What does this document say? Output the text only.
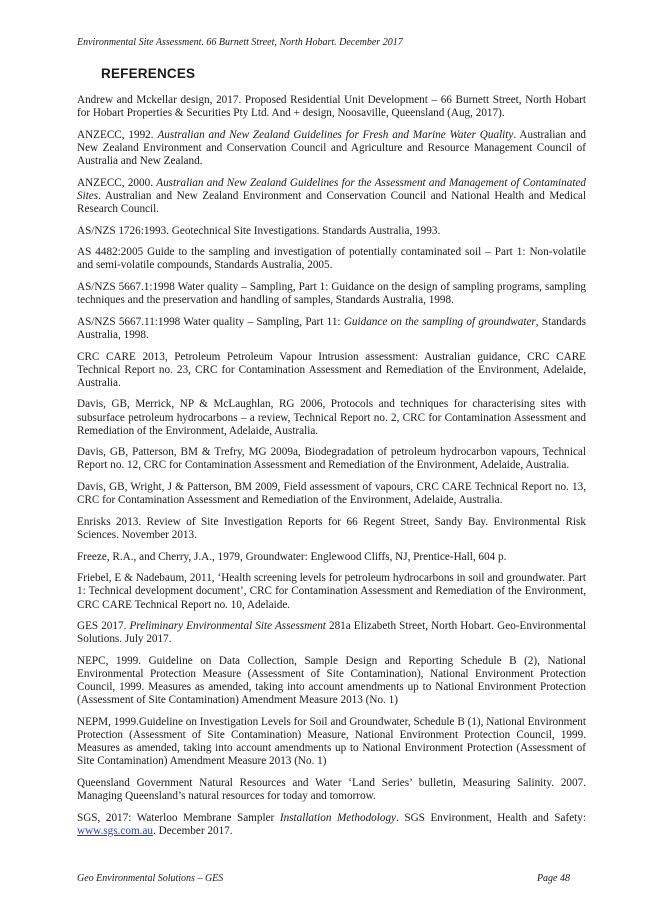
Environmental Site Assessment. 66 Burnett Street, North Hobart. December 2017
REFERENCES

Andrew and Mckellar design, 2017. Proposed Residential Unit Development – 66 Burnett Street, North Hobart for Hobart Properties & Securities Pty Ltd. And + design, Noosaville, Queensland (Aug, 2017).

ANZECC, 1992. Australian and New Zealand Guidelines for Fresh and Marine Water Quality. Australian and New Zealand Environment and Conservation Council and Agriculture and Resource Management Council of Australia and New Zealand.

ANZECC, 2000. Australian and New Zealand Guidelines for the Assessment and Management of Contaminated Sites. Australian and New Zealand Environment and Conservation Council and National Health and Medical Research Council.

AS/NZS 1726:1993. Geotechnical Site Investigations. Standards Australia, 1993.

AS 4482:2005 Guide to the sampling and investigation of potentially contaminated soil – Part 1: Non-volatile and semi-volatile compounds, Standards Australia, 2005.

AS/NZS 5667.1:1998 Water quality – Sampling, Part 1: Guidance on the design of sampling programs, sampling techniques and the preservation and handling of samples, Standards Australia, 1998.

AS/NZS 5667.11:1998 Water quality – Sampling, Part 11: Guidance on the sampling of groundwater, Standards Australia, 1998.

CRC CARE 2013, Petroleum Petroleum Vapour Intrusion assessment: Australian guidance, CRC CARE Technical Report no. 23, CRC for Contamination Assessment and Remediation of the Environment, Adelaide, Australia.

Davis, GB, Merrick, NP & McLaughlan, RG 2006, Protocols and techniques for characterising sites with subsurface petroleum hydrocarbons – a review, Technical Report no. 2, CRC for Contamination Assessment and Remediation of the Environment, Adelaide, Australia.

Davis, GB, Patterson, BM & Trefry, MG 2009a, Biodegradation of petroleum hydrocarbon vapours, Technical Report no. 12, CRC for Contamination Assessment and Remediation of the Environment, Adelaide, Australia.

Davis, GB, Wright, J & Patterson, BM 2009, Field assessment of vapours, CRC CARE Technical Report no. 13, CRC for Contamination Assessment and Remediation of the Environment, Adelaide, Australia.

Enrisks 2013. Review of Site Investigation Reports for 66 Regent Street, Sandy Bay. Environmental Risk Sciences. November 2013.

Freeze, R.A., and Cherry, J.A., 1979, Groundwater: Englewood Cliffs, NJ, Prentice-Hall, 604 p.

Friebel, E & Nadebaum, 2011, ‘Health screening levels for petroleum hydrocarbons in soil and groundwater. Part 1: Technical development document’, CRC for Contamination Assessment and Remediation of the Environment, CRC CARE Technical Report no. 10, Adelaide.

GES 2017. Preliminary Environmental Site Assessment 281a Elizabeth Street, North Hobart. Geo-Environmental Solutions. July 2017.

NEPC, 1999. Guideline on Data Collection, Sample Design and Reporting Schedule B (2), National Environmental Protection Measure (Assessment of Site Contamination), National Environment Protection Council, 1999. Measures as amended, taking into account amendments up to National Environment Protection (Assessment of Site Contamination) Amendment Measure 2013 (No. 1)

NEPM, 1999.Guideline on Investigation Levels for Soil and Groundwater, Schedule B (1), National Environment Protection (Assessment of Site Contamination) Measure, National Environment Protection Council, 1999. Measures as amended, taking into account amendments up to National Environment Protection (Assessment of Site Contamination) Amendment Measure 2013 (No. 1)

Queensland Government Natural Resources and Water ‘Land Series’ bulletin, Measuring Salinity. 2007. Managing Queensland’s natural resources for today and tomorrow.

SGS, 2017: Waterloo Membrane Sampler Installation Methodology. SGS Environment, Health and Safety: www.sgs.com.au. December 2017.

Geo Environmental Solutions – GES	Page 48
